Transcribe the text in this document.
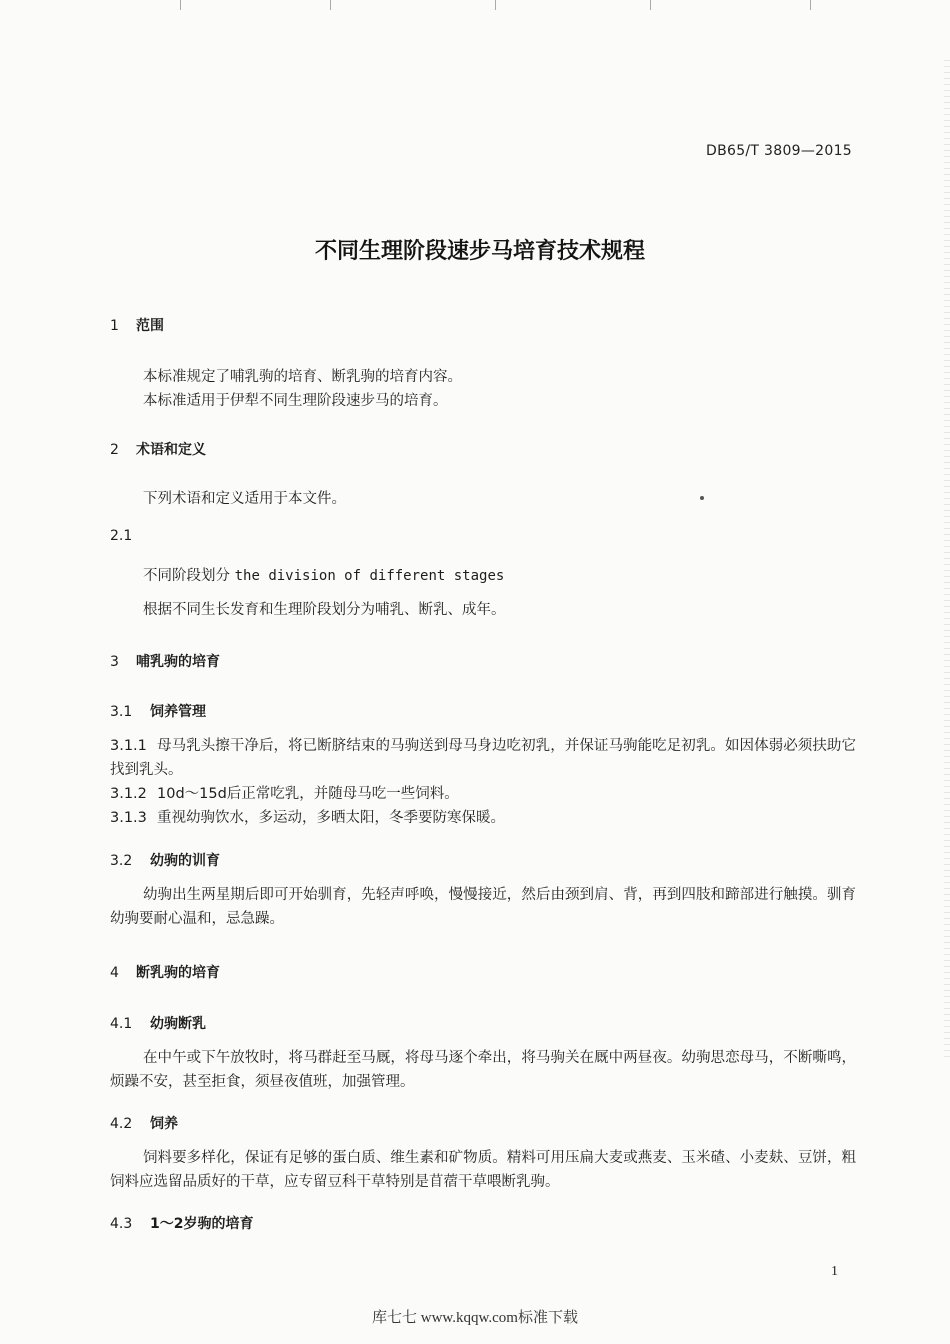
DB65/T 3809—2015
不同生理阶段速步马培育技术规程
1 范围
本标准规定了哺乳驹的培育、断乳驹的培育内容。
本标准适用于伊犁不同生理阶段速步马的培育。
2 术语和定义
下列术语和定义适用于本文件。
2.1
不同阶段划分 the division of different stages
根据不同生长发育和生理阶段划分为哺乳、断乳、成年。
3 哺乳驹的培育
3.1 饲养管理
3.1.1 母马乳头擦干净后，将已断脐结束的马驹送到母马身边吃初乳，并保证马驹能吃足初乳。如因体弱必须扶助它找到乳头。
3.1.2 10d～15d后正常吃乳，并随母马吃一些饲料。
3.1.3 重视幼驹饮水，多运动，多晒太阳，冬季要防寒保暖。
3.2 幼驹的训育
幼驹出生两星期后即可开始驯育，先轻声呼唤，慢慢接近，然后由颈到肩、背，再到四肢和蹄部进行触摸。驯育幼驹要耐心温和，忌急躁。
4 断乳驹的培育
4.1 幼驹断乳
在中午或下午放牧时，将马群赶至马厩，将母马逐个牵出，将马驹关在厩中两昼夜。幼驹思恋母马，不断嘶鸣，烦躁不安，甚至拒食，须昼夜值班，加强管理。
4.2 饲养
饲料要多样化，保证有足够的蛋白质、维生素和矿物质。精料可用压扁大麦或燕麦、玉米碴、小麦麸、豆饼，粗饲料应选留品质好的干草，应专留豆科干草特别是苜蓿干草喂断乳驹。
4.3 1～2岁驹的培育
1
库七七 www.kqqw.com标准下载
